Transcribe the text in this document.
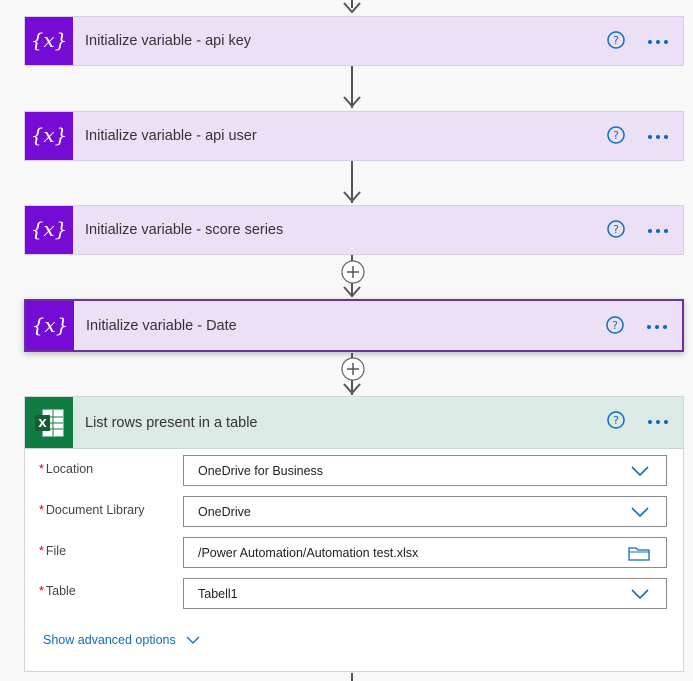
{x} Initialize variable - api key	?
{x} Initialize variable - api user	?
{x} Initialize variable - score series	?
{x} Initialize variable - Date	?
X	List rows present in a table	?
* Location	OneDrive for Business
* Document Library	OneDrive
* File	/Power Automation/Automation test.xlsx
* Table	Tabell1
Show advanced options
